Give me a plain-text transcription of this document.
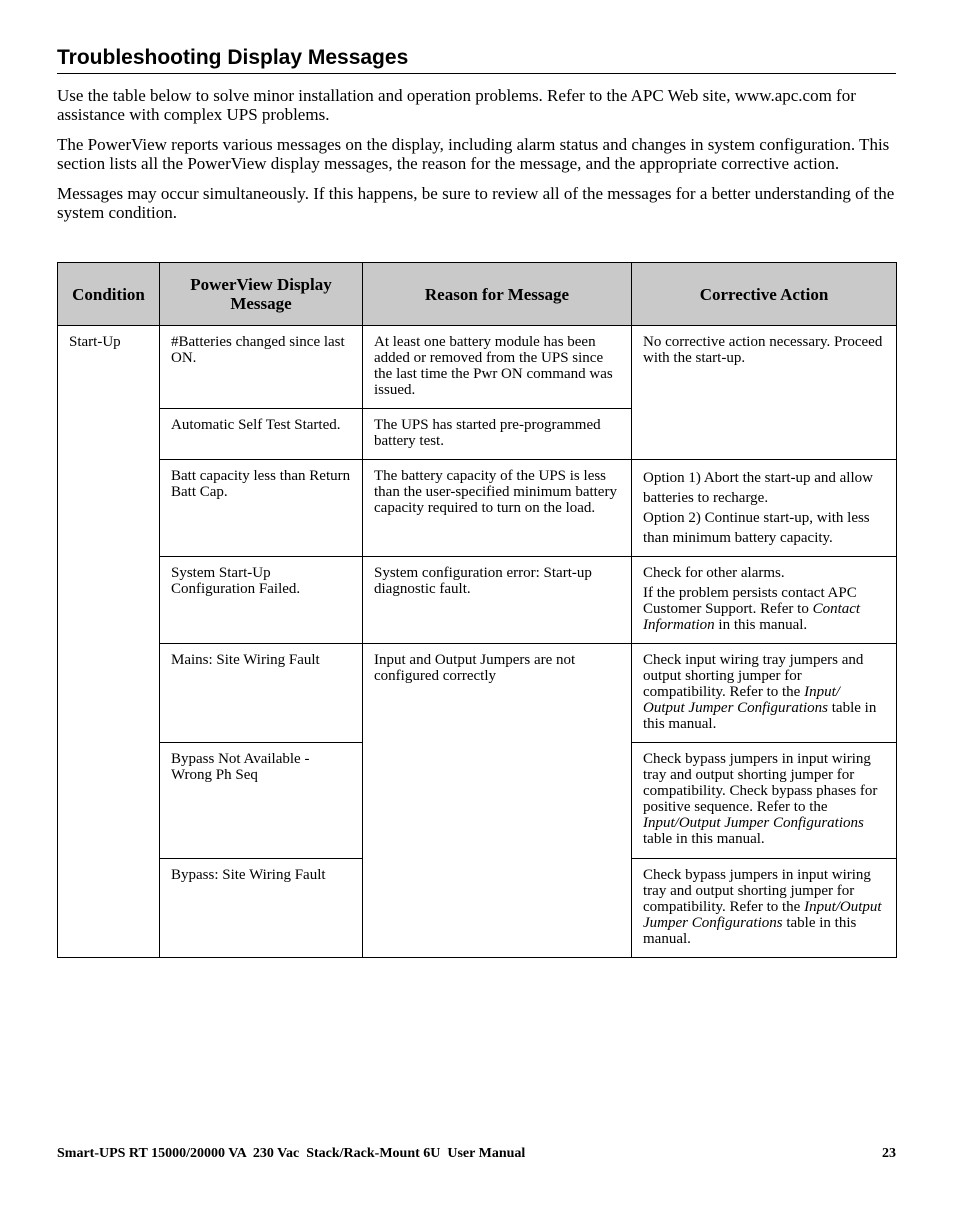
Troubleshooting Display Messages

Use the table below to solve minor installation and operation problems. Refer to the APC Web site, www.apc.com for assistance with complex UPS problems.

The PowerView reports various messages on the display, including alarm status and changes in system configuration. This section lists all the PowerView display messages, the reason for the message, and the appropriate corrective action.

Messages may occur simultaneously. If this happens, be sure to review all of the messages for a better understanding of the system condition.

Condition	PowerView Display Message	Reason for Message	Corrective Action
Start-Up	#Batteries changed since last ON.	At least one battery module has been added or removed from the UPS since the last time the Pwr ON command was issued.	No corrective action necessary. Proceed with the start-up.
	Automatic Self Test Started.	The UPS has started pre-programmed battery test.	
	Batt capacity less than Return Batt Cap.	The battery capacity of the UPS is less than the user-specified minimum battery capacity required to turn on the load.	Option 1) Abort the start-up and allow batteries to recharge.

Option 2) Continue start-up, with less than minimum battery capacity.

	System Start-Up Configuration Failed.	System configuration error: Start-up diagnostic fault.	Check for other alarms.

If the problem persists contact APC Customer Support. Refer to Contact Information in this manual.

	Mains: Site Wiring Fault	Input and Output Jumpers are not configured correctly	Check input wiring tray jumpers and output shorting jumper for compatibility. Refer to the Input/ Output Jumper Configurations table in this manual.
	Bypass Not Available - Wrong Ph Seq		Check bypass jumpers in input wiring tray and output shorting jumper for compatibility. Check bypass phases for positive sequence. Refer to the Input/Output Jumper Configurations table in this manual.
	Bypass: Site Wiring Fault		Check bypass jumpers in input wiring tray and output shorting jumper for compatibility. Refer to the Input/Output Jumper Configurations table in this manual.
Smart-UPS RT 15000/20000 VA  230 Vac  Stack/Rack-Mount 6U  User Manual	23
